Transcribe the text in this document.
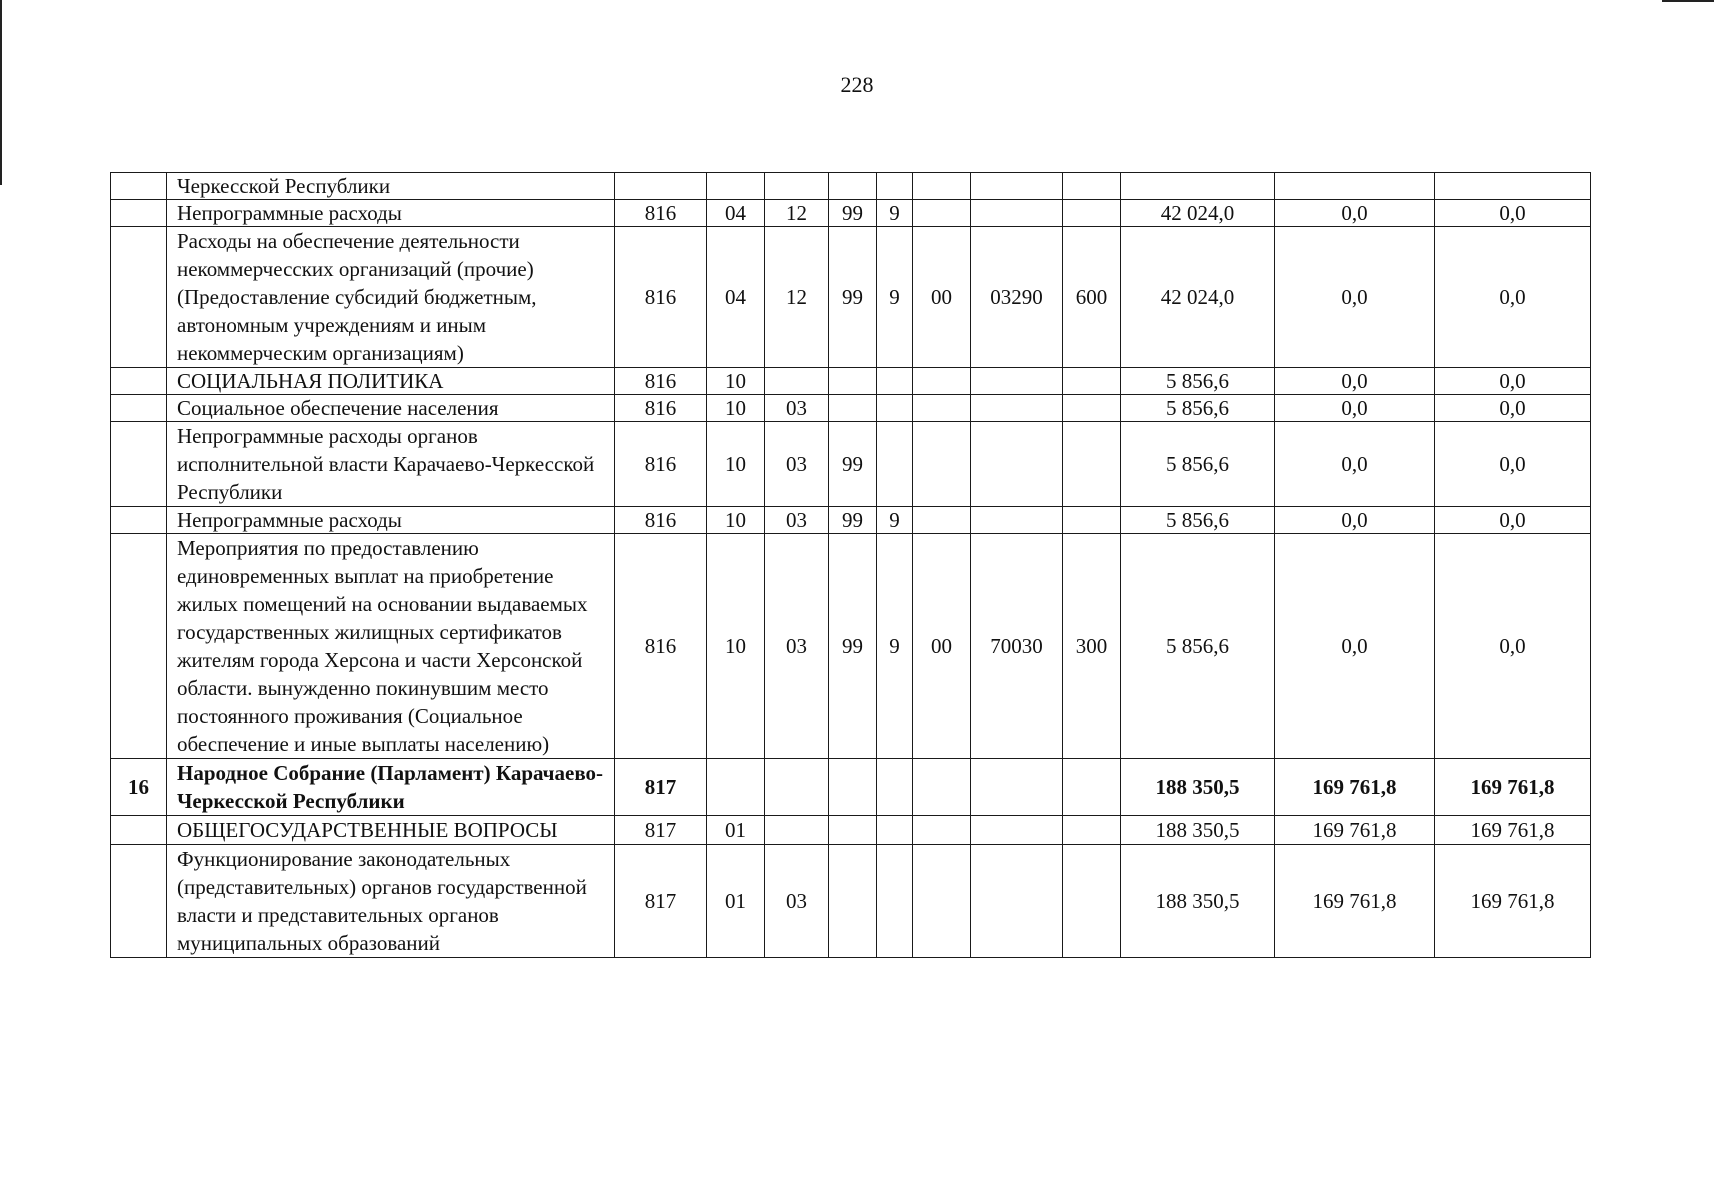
228
	Черкесской Республики											
	Непрограммные расходы	816	04	12	99	9				42 024,0	0,0	0,0
	Расходы на обеспечение деятельности некоммерчесских организаций (прочие) (Предоставление субсидий бюджетным, автономным учреждениям и иным некоммерческим организациям)	816	04	12	99	9	00	03290	600	42 024,0	0,0	0,0
	СОЦИАЛЬНАЯ ПОЛИТИКА	816	10							5 856,6	0,0	0,0
	Социальное обеспечение населения	816	10	03						5 856,6	0,0	0,0
	Непрограммные расходы органов исполнительной власти Карачаево-Черкесской Республики	816	10	03	99					5 856,6	0,0	0,0
	Непрограммные расходы	816	10	03	99	9				5 856,6	0,0	0,0
	Мероприятия по предоставлению единовременных выплат на приобретение жилых помещений на основании выдаваемых государственных жилищных сертификатов жителям города Херсона и части Херсонской области. вынужденно покинувшим место постоянного проживания (Социальное обеспечение и иные выплаты населению)	816	10	03	99	9	00	70030	300	5 856,6	0,0	0,0
16	Народное Собрание (Парламент) Карачаево-Черкесской Республики	817								188 350,5	169 761,8	169 761,8
	ОБЩЕГОСУДАРСТВЕННЫЕ ВОПРОСЫ	817	01							188 350,5	169 761,8	169 761,8
	Функционирование законодательных (представительных) органов государственной власти и представительных органов муниципальных образований	817	01	03						188 350,5	169 761,8	169 761,8
